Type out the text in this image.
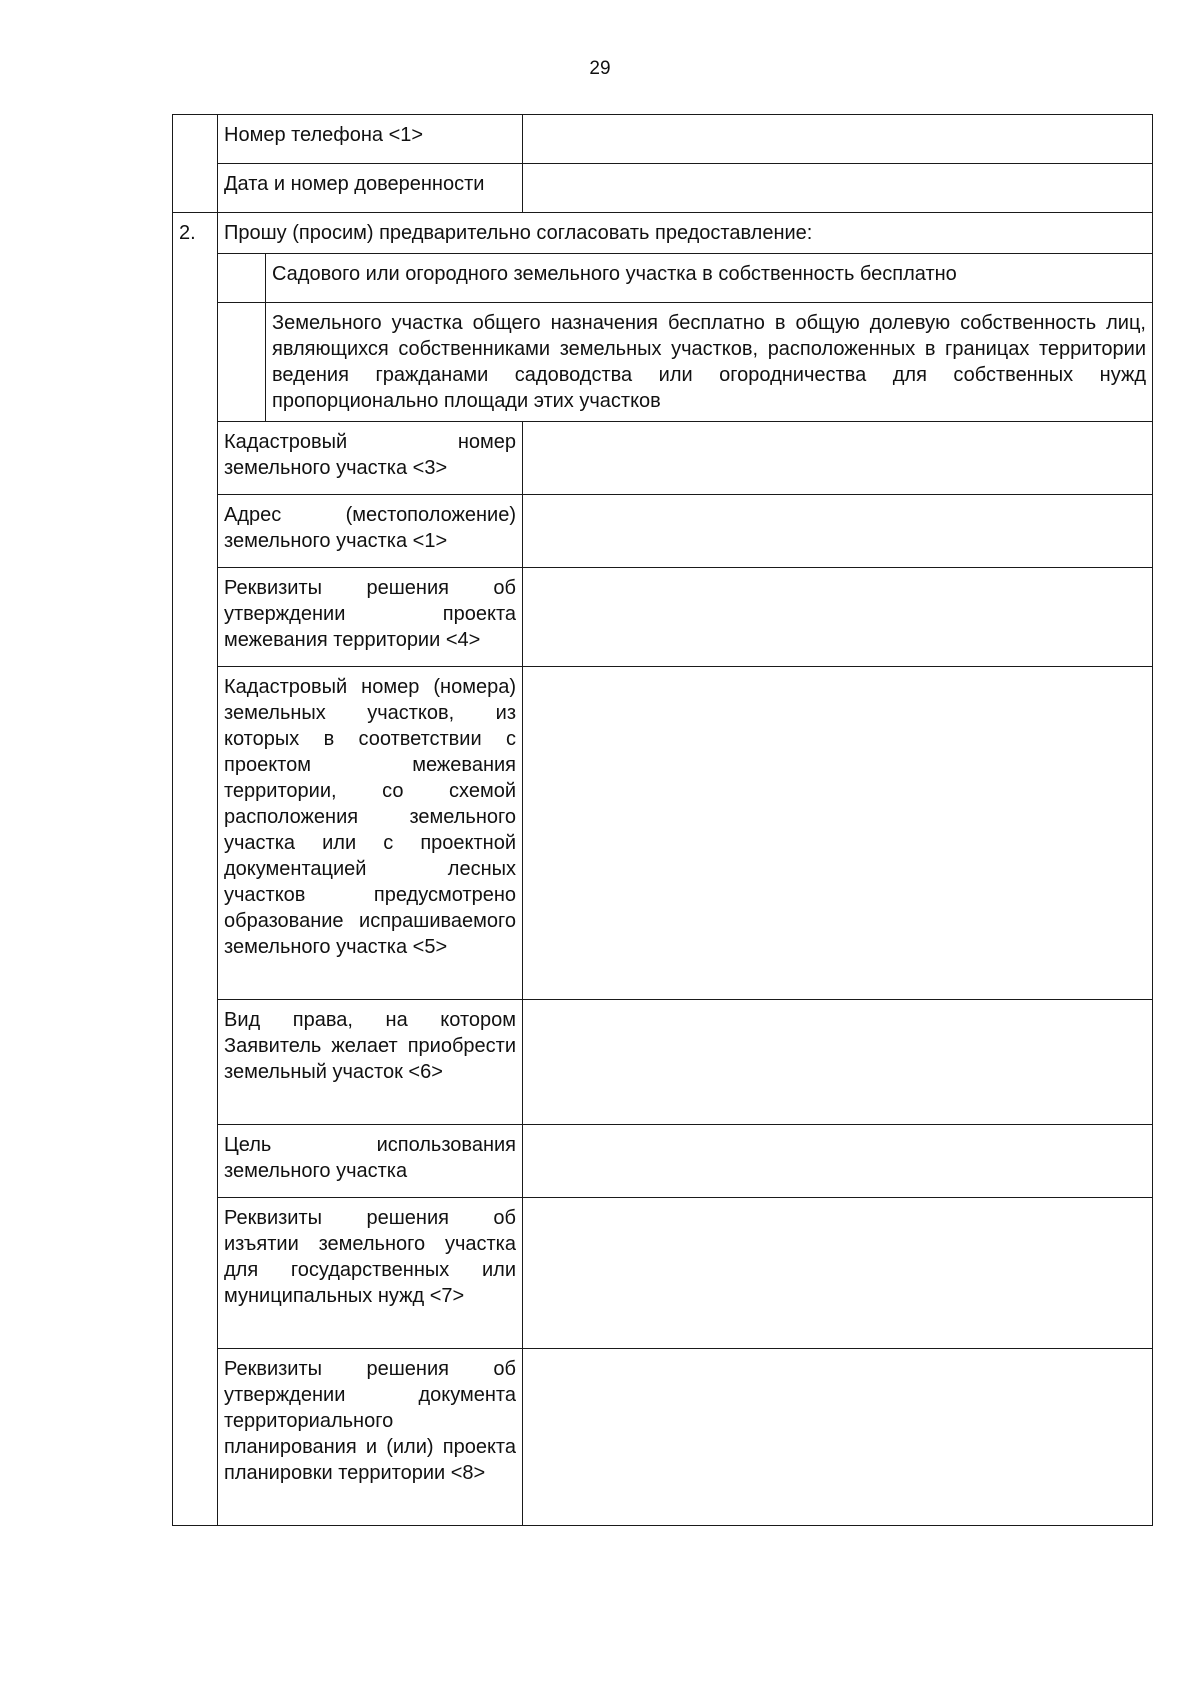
29
	Номер телефона <1>		
	Дата и номер доверенности		
2.	Прошу (просим) предварительно согласовать предоставление:		
		Садового или огородного земельного участка в собственность бесплатно	
		Земельного участка общего назначения бесплатно в общую долевую собственность лиц, являющихся собственниками земельных участков, расположенных в границах территории ведения гражданами садоводства или огородничества для собственных нужд пропорционально площади этих участков	
	Кадастровый номер земельного участка <3>		
	Адрес (местоположение) земельного участка <1>		
	Реквизиты решения об утверждении проекта межевания территории <4>		
	Кадастровый номер (номера) земельных участков, из которых в соответствии с проектом межевания территории, со схемой расположения земельного участка или с проектной документацией лесных участков предусмотрено образование испрашиваемого земельного участка <5>		
	Вид права, на котором Заявитель желает приобрести земельный участок <6>		
	Цель использования земельного участка		
	Реквизиты решения об изъятии земельного участка для государственных или муниципальных нужд <7>		
	Реквизиты решения об утверждении документа территориального планирования и (или) проекта планировки территории <8>		
